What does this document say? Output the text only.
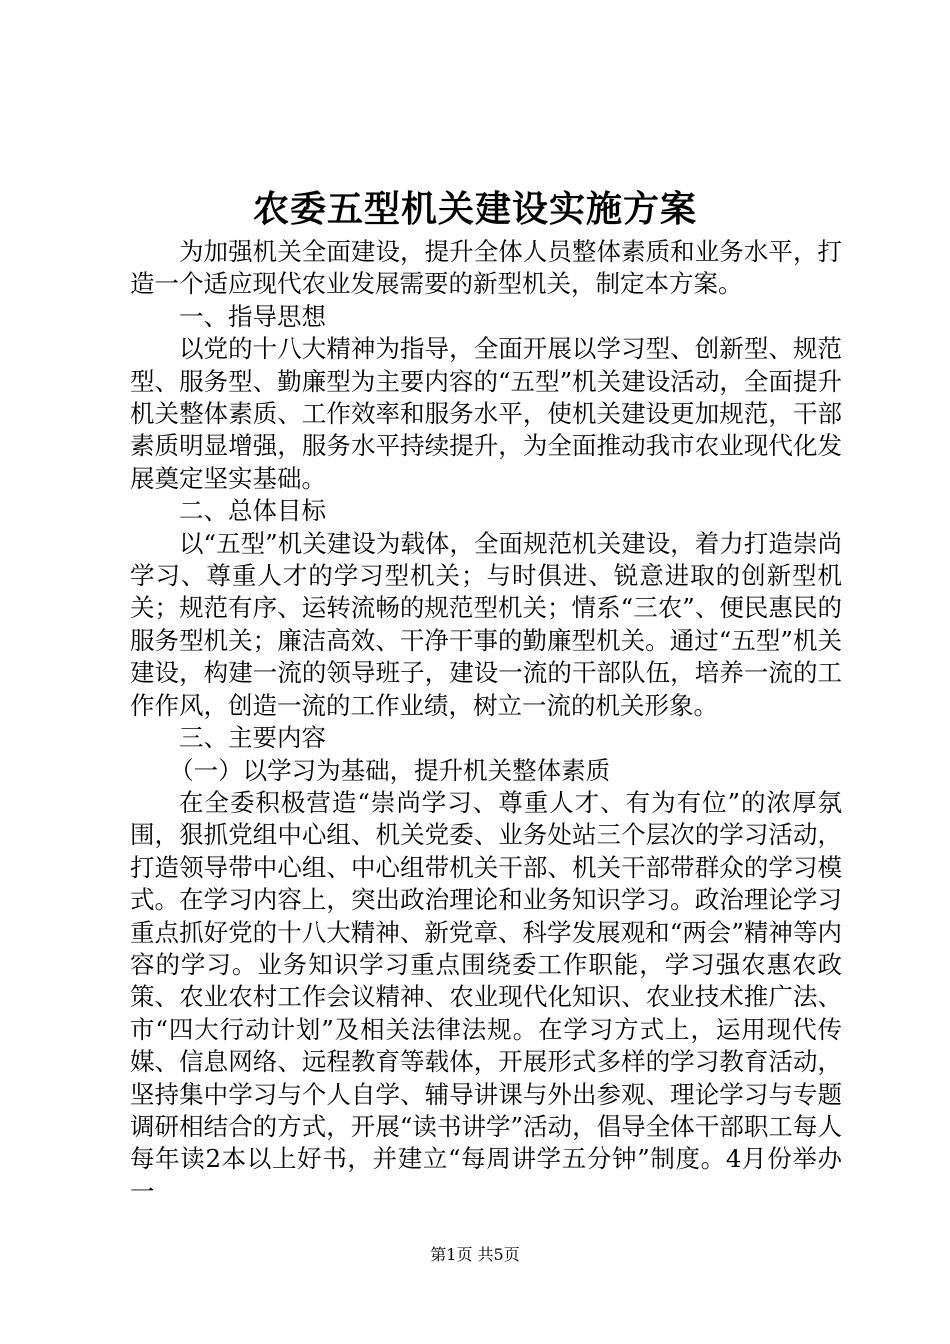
农委五型机关建设实施方案

为加强机关全面建设，提升全体人员整体素质和业务水平，打造一个适应现代农业发展需要的新型机关，制定本方案。

一、指导思想

以党的十八大精神为指导，全面开展以学习型、创新型、规范型、服务型、勤廉型为主要内容的“五型”机关建设活动，全面提升机关整体素质、工作效率和服务水平，使机关建设更加规范，干部素质明显增强，服务水平持续提升，为全面推动我市农业现代化发展奠定坚实基础。

二、总体目标

以“五型”机关建设为载体，全面规范机关建设，着力打造崇尚学习、尊重人才的学习型机关；与时俱进、锐意进取的创新型机关；规范有序、运转流畅的规范型机关；情系“三农”、便民惠民的服务型机关；廉洁高效、干净干事的勤廉型机关。通过“五型”机关建设，构建一流的领导班子，建设一流的干部队伍，培养一流的工作作风，创造一流的工作业绩，树立一流的机关形象。

三、主要内容

（一）以学习为基础，提升机关整体素质

在全委积极营造“崇尚学习、尊重人才、有为有位”的浓厚氛围，狠抓党组中心组、机关党委、业务处站三个层次的学习活动，打造领导带中心组、中心组带机关干部、机关干部带群众的学习模式。在学习内容上，突出政治理论和业务知识学习。政治理论学习重点抓好党的十八大精神、新党章、科学发展观和“两会”精神等内容的学习。业务知识学习重点围绕委工作职能，学习强农惠农政策、农业农村工作会议精神、农业现代化知识、农业技术推广法、市“四大行动计划”及相关法律法规。在学习方式上，运用现代传媒、信息网络、远程教育等载体，开展形式多样的学习教育活动，坚持集中学习与个人自学、辅导讲课与外出参观、理论学习与专题调研相结合的方式，开展“读书讲学”活动，倡导全体干部职工每人每年读2本以上好书，并建立“每周讲学五分钟”制度。4月份举办一

第1页 共5页
